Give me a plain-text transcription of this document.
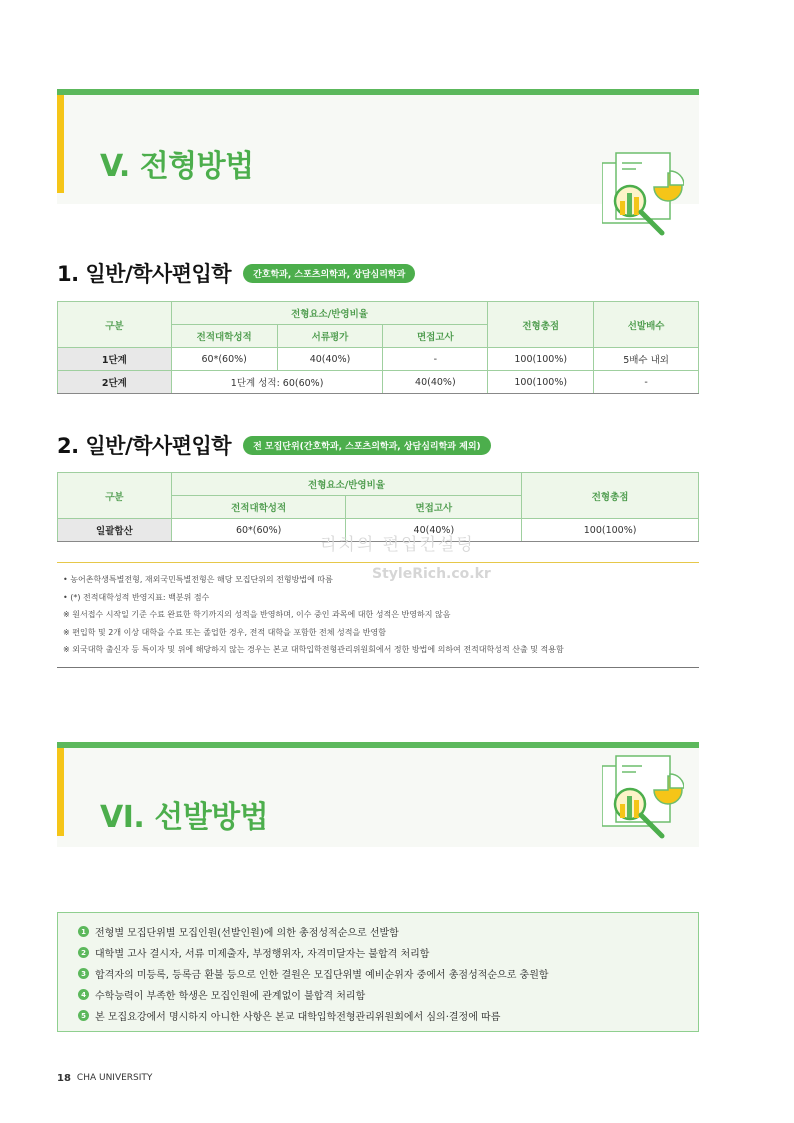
V. 전형방법
1. 일반/학사편입학	간호학과, 스포츠의학과, 상담심리학과
구분	전형요소/반영비율			전형총점	선발배수
	전적대학성적	서류평가	면접고사		
1단계	60*(60%)	40(40%)	-	100(100%)	5배수 내외
2단계	1단계 성적: 60(60%)		40(40%)	100(100%)	-
2. 일반/학사편입학	전 모집단위(간호학과, 스포츠의학과, 상담심리학과 제외)
구분	전형요소/반영비율		전형총점
	전적대학성적	면접고사	
일괄합산	60*(60%)	40(40%)	100(100%)
리치의 편입컨설팅
StyleRich.co.kr
• 농어촌학생특별전형, 재외국민특별전형은 해당 모집단위의 전형방법에 따름
• (*) 전적대학성적 반영지표: 백분위 점수
※ 원서접수 시작일 기준 수료 완료한 학기까지의 성적을 반영하며, 이수 중인 과목에 대한 성적은 반영하지 않음
※ 편입학 및 2개 이상 대학을 수료 또는 졸업한 경우, 전적 대학을 포함한 전체 성적을 반영함
※ 외국대학 출신자 등 특이자 및 위에 해당하지 않는 경우는 본교 대학입학전형관리위원회에서 정한 방법에 의하여 전적대학성적 산출 및 적용함
VI. 선발방법
1 전형별 모집단위별 모집인원(선발인원)에 의한 총점성적순으로 선발함
2 대학별 고사 결시자, 서류 미제출자, 부정행위자, 자격미달자는 불합격 처리함
3 합격자의 미등록, 등록금 환불 등으로 인한 결원은 모집단위별 예비순위자 중에서 총점성적순으로 충원함
4 수학능력이 부족한 학생은 모집인원에 관계없이 불합격 처리함
5 본 모집요강에서 명시하지 아니한 사항은 본교 대학입학전형관리위원회에서 심의·결정에 따름
18 CHA UNIVERSITY
